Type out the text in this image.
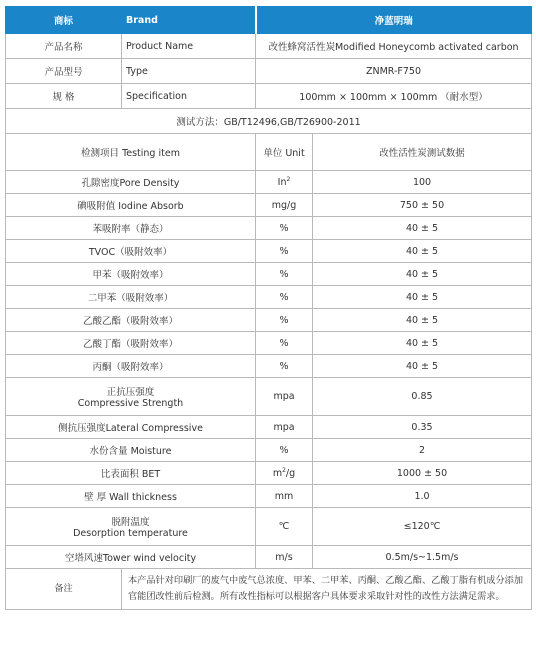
商标	Brand	净蓝明瑞	
产品名称	Product Name	改性蜂窝活性炭Modified Honeycomb activated carbon	
产品型号	Type	ZNMR-F750	
规 格	Specification	100mm × 100mm × 100mm （耐水型）	
测试方法：GB/T12496,GB/T26900-2011			
检测项目 Testing item		单位 Unit	改性活性炭测试数据
孔隙密度Pore Density		In$^2$	100
碘吸附值 Iodine Absorb		mg/g	750 ± 50
苯吸附率（静态）		%	40 ± 5
TVOC（吸附效率）		%	40 ± 5
甲苯（吸附效率）		%	40 ± 5
二甲苯（吸附效率）		%	40 ± 5
乙酸乙酯（吸附效率）		%	40 ± 5
乙酸丁酯（吸附效率）		%	40 ± 5
丙酮（吸附效率）		%	40 ± 5

正抗压强度
Compressive Strength		mpa	0.85
侧抗压强度Lateral Compressive		mpa	0.35
水份含量 Moisture		%	2
比表面积 BET		$m^2/g$	1000 ± 50
壁 厚 Wall thickness		mm	1.0

脱附温度
Desorption temperature		℃	≤120℃
空塔风速Tower wind velocity		m/s	0.5m/s~1.5m/s
备注	本产品针对印刷厂的废气中废气总浓度、甲苯、二甲苯、丙酮、乙酸乙酯、乙酸丁脂有机成分添加官能团改性前后检测。所有改性指标可以根据客户具体要求采取针对性的改性方法满足需求。		
